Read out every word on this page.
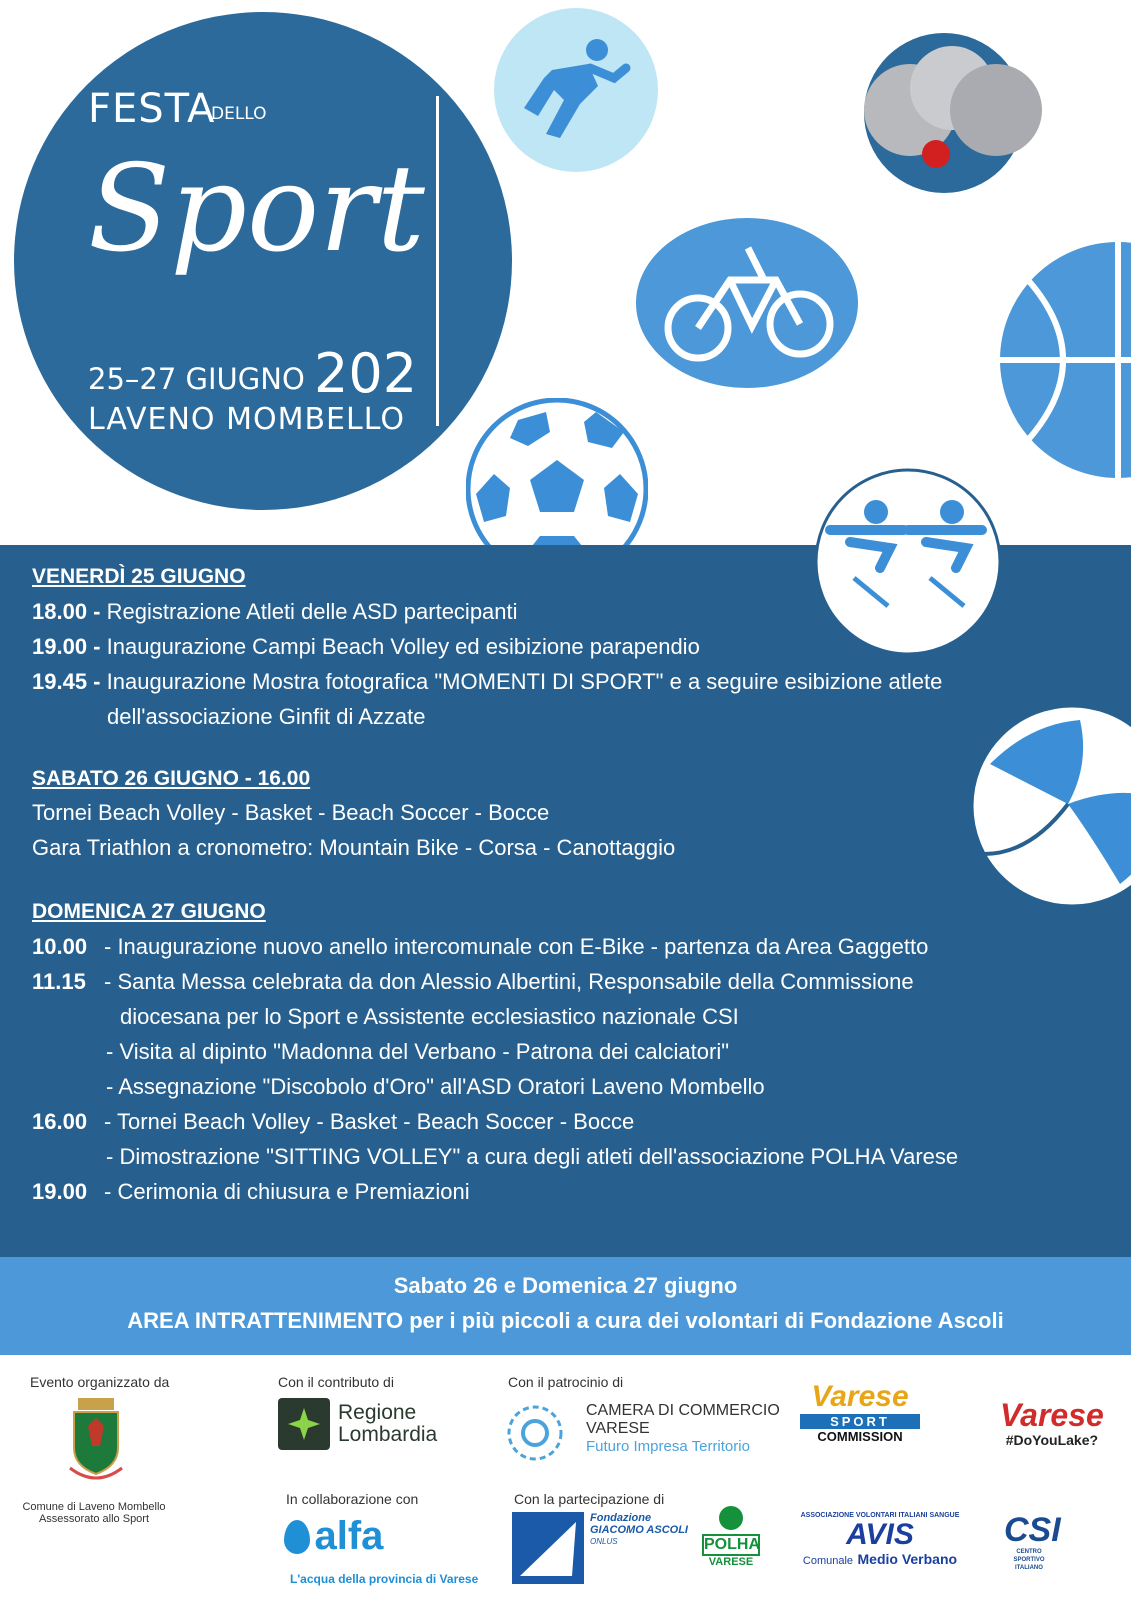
FESTA
DELLO
Sport
25–27 GIUGNO 202
LAVENO MOMBELLO
VENERDÌ 25 GIUGNO
18.00 - Registrazione Atleti delle ASD partecipanti
19.00 - Inaugurazione Campi Beach Volley ed esibizione parapendio
19.45 - Inaugurazione Mostra fotografica "MOMENTI DI SPORT" e a seguire esibizione atlete
dell'associazione Ginfit di Azzate
SABATO 26 GIUGNO - 16.00
Tornei Beach Volley - Basket - Beach Soccer - Bocce
Gara Triathlon a cronometro: Mountain Bike - Corsa - Canottaggio
DOMENICA 27 GIUGNO
10.00 - Inaugurazione nuovo anello intercomunale con E-Bike - partenza da Area Gaggetto
11.15 - Santa Messa celebrata da don Alessio Albertini, Responsabile della Commissione
diocesana per lo Sport e Assistente ecclesiastico nazionale CSI
- Visita al dipinto "Madonna del Verbano - Patrona dei calciatori"
- Assegnazione "Discobolo d'Oro" all'ASD Oratori Laveno Mombello
16.00 - Tornei Beach Volley - Basket - Beach Soccer - Bocce
- Dimostrazione "SITTING VOLLEY" a cura degli atleti dell'associazione POLHA Varese
19.00 - Cerimonia di chiusura e Premiazioni
Sabato 26 e Domenica 27 giugno
AREA INTRATTENIMENTO per i più piccoli a cura dei volontari di Fondazione Ascoli
Evento organizzato da
Comune di Laveno Mombello
Assessorato allo Sport
Con il contributo di
Regione
Lombardia
Con il patrocinio di
CAMERA DI COMMERCIO
VARESE
Futuro Impresa Territorio
Varese
SPORT
COMMISSION
Varese
#DoYouLake?
In collaborazione con
alfa
L'acqua della provincia di Varese
Con la partecipazione di
Fondazione
GIACOMO ASCOLI
ONLUS	POLHA
VARESE
ASSOCIAZIONE VOLONTARI ITALIANI SANGUE
AVIS
Comunale Medio Verbano
CSI
CENTRO SPORTIVO ITALIANO
